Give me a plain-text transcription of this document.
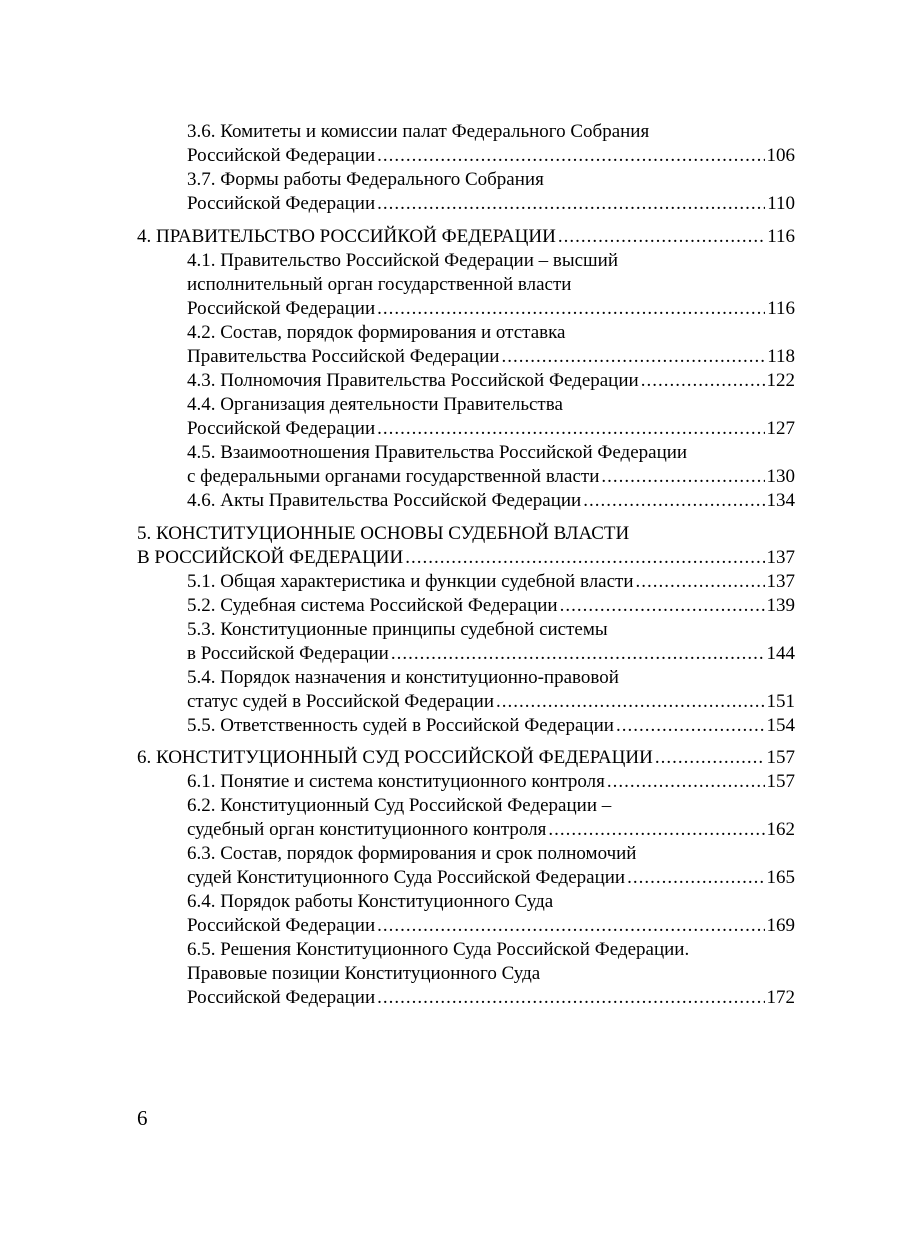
3.6. Комитеты и комиссии палат Федерального Собрания
Российской Федерации .....	106
3.7. Формы работы Федерального Собрания
Российской Федерации .....	110
4. ПРАВИТЕЛЬСТВО РОССИЙКОЙ ФЕДЕРАЦИИ .....	116
4.1. Правительство Российской Федерации – высший
исполнительный орган государственной власти
Российской Федерации .....	116
4.2. Состав, порядок формирования и отставка
Правительства Российской Федерации .....	118
4.3. Полномочия Правительства Российской Федерации .....	122
4.4. Организация деятельности Правительства
Российской Федерации .....	127
4.5. Взаимоотношения Правительства Российской Федерации
с федеральными органами государственной власти .....	130
4.6. Акты Правительства Российской Федерации .....	134
5. КОНСТИТУЦИОННЫЕ ОСНОВЫ СУДЕБНОЙ ВЛАСТИ
В РОССИЙСКОЙ ФЕДЕРАЦИИ .....	137
5.1. Общая характеристика и функции судебной власти .....	137
5.2. Судебная система Российской Федерации .....	139
5.3. Конституционные принципы судебной системы
в Российской Федерации .....	144
5.4. Порядок назначения и конституционно-правовой
статус судей в Российской Федерации .....	151
5.5. Ответственность судей в Российской Федерации .....	154
6. КОНСТИТУЦИОННЫЙ СУД РОССИЙСКОЙ ФЕДЕРАЦИИ .....	157
6.1. Понятие и система конституционного контроля .....	157
6.2. Конституционный Суд Российской Федерации –
судебный орган конституционного контроля .....	162
6.3. Состав, порядок формирования и срок полномочий
судей Конституционного Суда Российской Федерации .....	165
6.4. Порядок работы Конституционного Суда
Российской Федерации .....	169
6.5. Решения Конституционного Суда Российской Федерации.
Правовые позиции Конституционного Суда
Российской Федерации .....	172
6
